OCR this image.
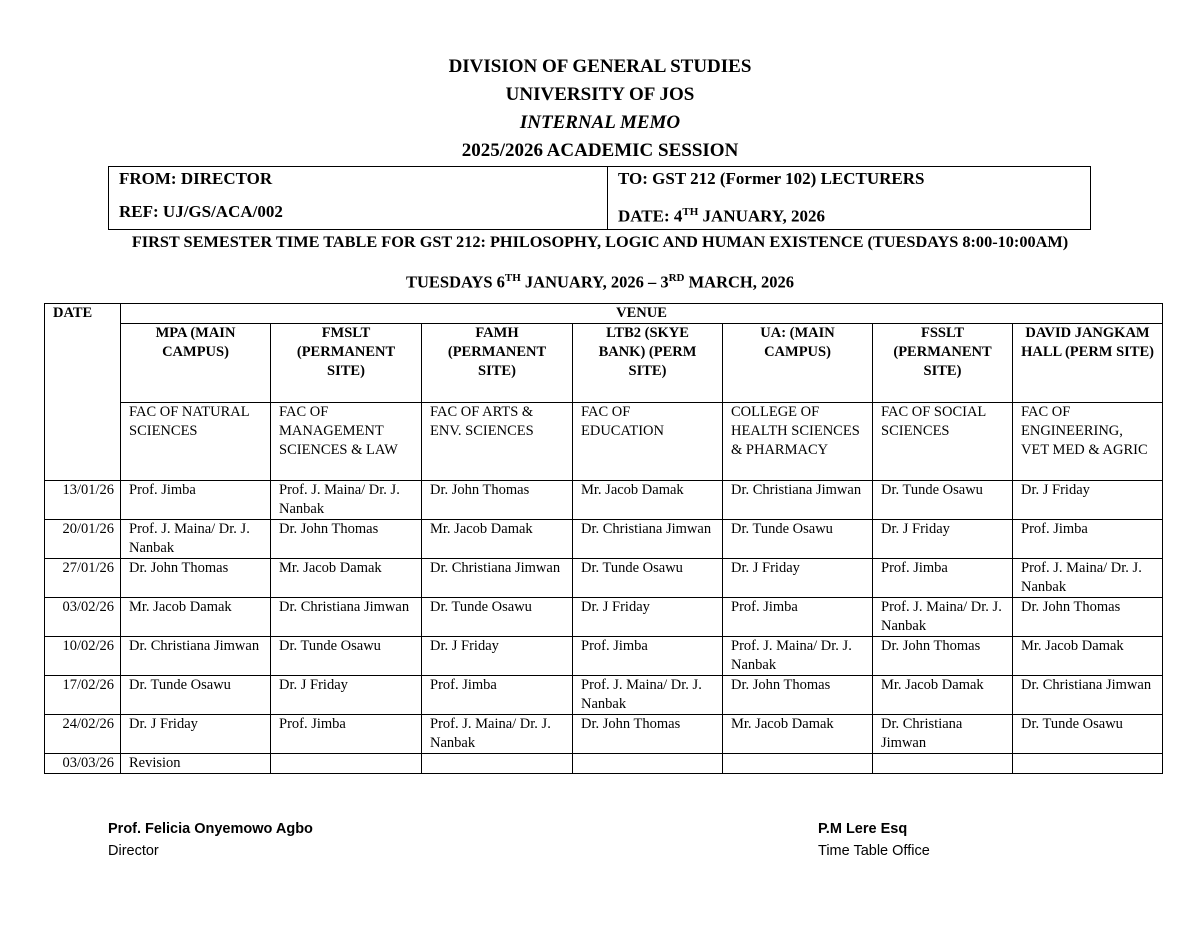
DIVISION OF GENERAL STUDIES
UNIVERSITY OF JOS
INTERNAL MEMO
2025/2026 ACADEMIC SESSION
FROM: DIRECTOR
REF: UJ/GS/ACA/002

TO: GST 212 (Former 102) LECTURERS
DATE: 4TH JANUARY, 2026
FIRST SEMESTER TIME TABLE FOR GST 212: PHILOSOPHY, LOGIC AND HUMAN EXISTENCE (TUESDAYS 8:00-10:00AM)
TUESDAYS 6TH JANUARY, 2026 – 3RD MARCH, 2026
DATE	VENUE						
	MPA (MAIN CAMPUS)	FMSLT (PERMANENT SITE)	FAMH (PERMANENT SITE)	LTB2 (SKYE BANK) (PERM SITE)	UA: (MAIN CAMPUS)	FSSLT (PERMANENT SITE)	DAVID JANGKAM HALL (PERM SITE)
	FAC OF NATURAL SCIENCES	FAC OF MANAGEMENT SCIENCES & LAW	FAC OF ARTS & ENV. SCIENCES	FAC OF EDUCATION	COLLEGE OF HEALTH SCIENCES & PHARMACY	FAC OF SOCIAL SCIENCES	FAC OF ENGINEERING, VET MED & AGRIC
13/01/26	Prof. Jimba	Prof. J. Maina/ Dr. J. Nanbak	Dr. John Thomas	Mr. Jacob Damak	Dr. Christiana Jimwan	Dr. Tunde Osawu	Dr. J Friday
20/01/26	Prof. J. Maina/ Dr. J. Nanbak	Dr. John Thomas	Mr. Jacob Damak	Dr. Christiana Jimwan	Dr. Tunde Osawu	Dr. J Friday	Prof. Jimba
27/01/26	Dr. John Thomas	Mr. Jacob Damak	Dr. Christiana Jimwan	Dr. Tunde Osawu	Dr. J Friday	Prof. Jimba	Prof. J. Maina/ Dr. J. Nanbak
03/02/26	Mr. Jacob Damak	Dr. Christiana Jimwan	Dr. Tunde Osawu	Dr. J Friday	Prof. Jimba	Prof. J. Maina/ Dr. J. Nanbak	Dr. John Thomas
10/02/26	Dr. Christiana Jimwan	Dr. Tunde Osawu	Dr. J Friday	Prof. Jimba	Prof. J. Maina/ Dr. J. Nanbak	Dr. John Thomas	Mr. Jacob Damak
17/02/26	Dr. Tunde Osawu	Dr. J Friday	Prof. Jimba	Prof. J. Maina/ Dr. J. Nanbak	Dr. John Thomas	Mr. Jacob Damak	Dr. Christiana Jimwan
24/02/26	Dr. J Friday	Prof. Jimba	Prof. J. Maina/ Dr. J. Nanbak	Dr. John Thomas	Mr. Jacob Damak	Dr. Christiana Jimwan	Dr. Tunde Osawu
03/03/26	Revision						
Prof. Felicia Onyemowo Agbo
Director
P.M Lere Esq
Time Table Office
